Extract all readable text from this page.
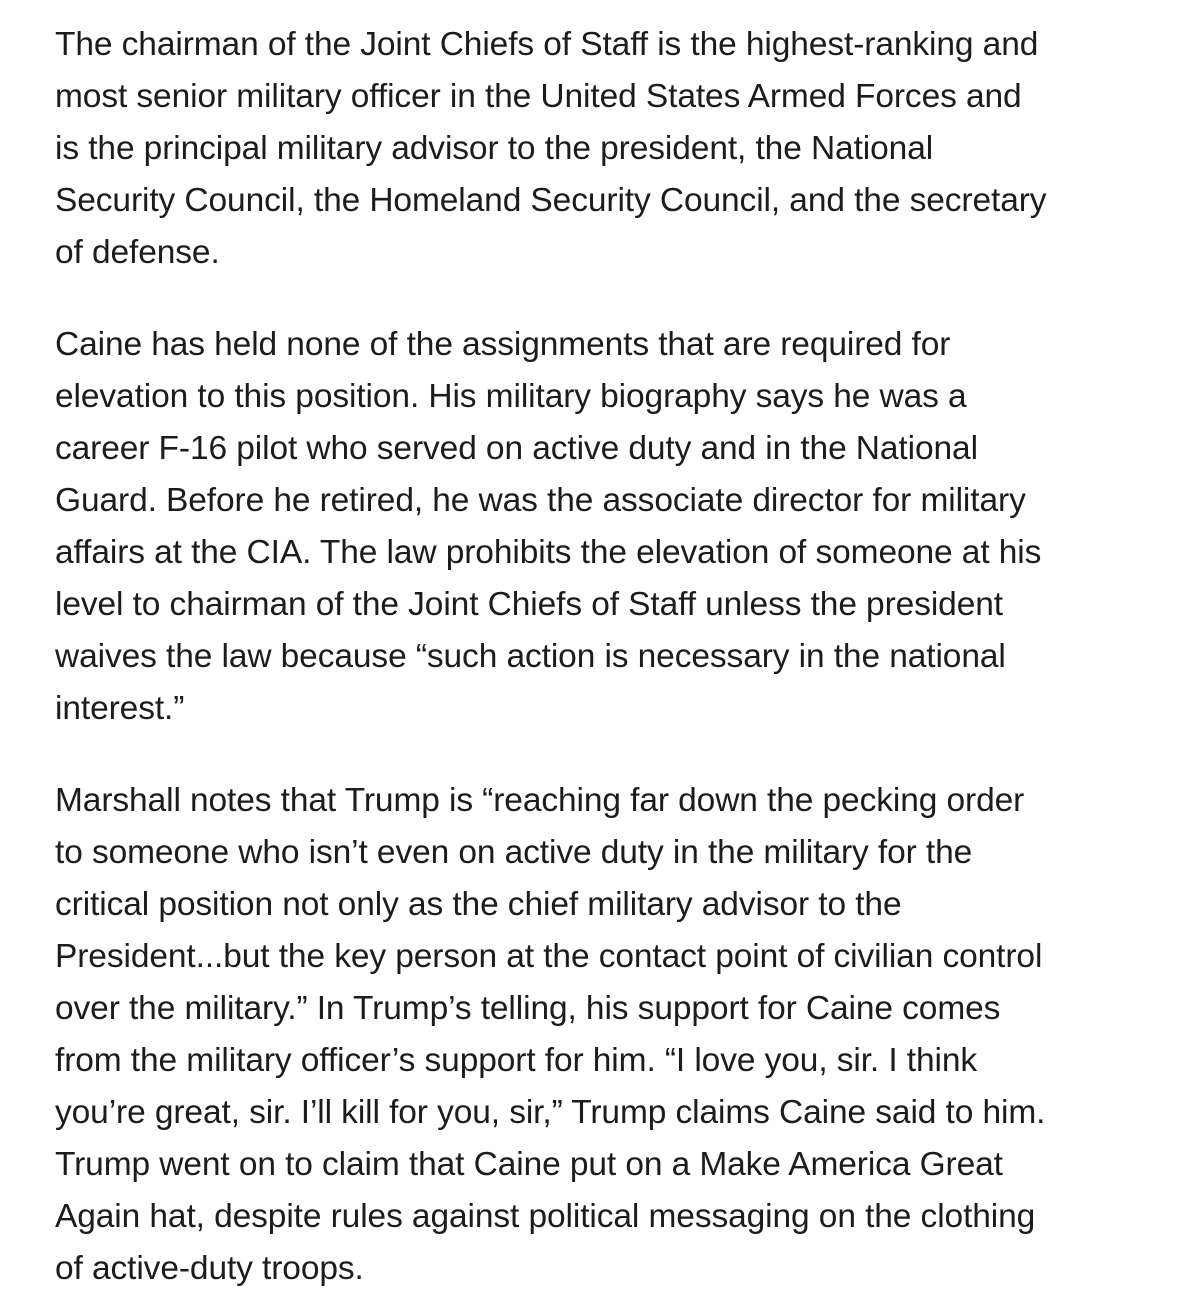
The chairman of the Joint Chiefs of Staff is the highest-ranking and
most senior military officer in the United States Armed Forces and
is the principal military advisor to the president, the National
Security Council, the Homeland Security Council, and the secretary
of defense.
Caine has held none of the assignments that are required for
elevation to this position. His military biography says he was a
career F-16 pilot who served on active duty and in the National
Guard. Before he retired, he was the associate director for military
affairs at the CIA. The law prohibits the elevation of someone at his
level to chairman of the Joint Chiefs of Staff unless the president
waives the law because “such action is necessary in the national
interest.”
Marshall notes that Trump is “reaching far down the pecking order
to someone who isn’t even on active duty in the military for the
critical position not only as the chief military advisor to the
President...but the key person at the contact point of civilian control
over the military.” In Trump’s telling, his support for Caine comes
from the military officer’s support for him. “I love you, sir. I think
you’re great, sir. I’ll kill for you, sir,” Trump claims Caine said to him.
Trump went on to claim that Caine put on a Make America Great
Again hat, despite rules against political messaging on the clothing
of active-duty troops.
